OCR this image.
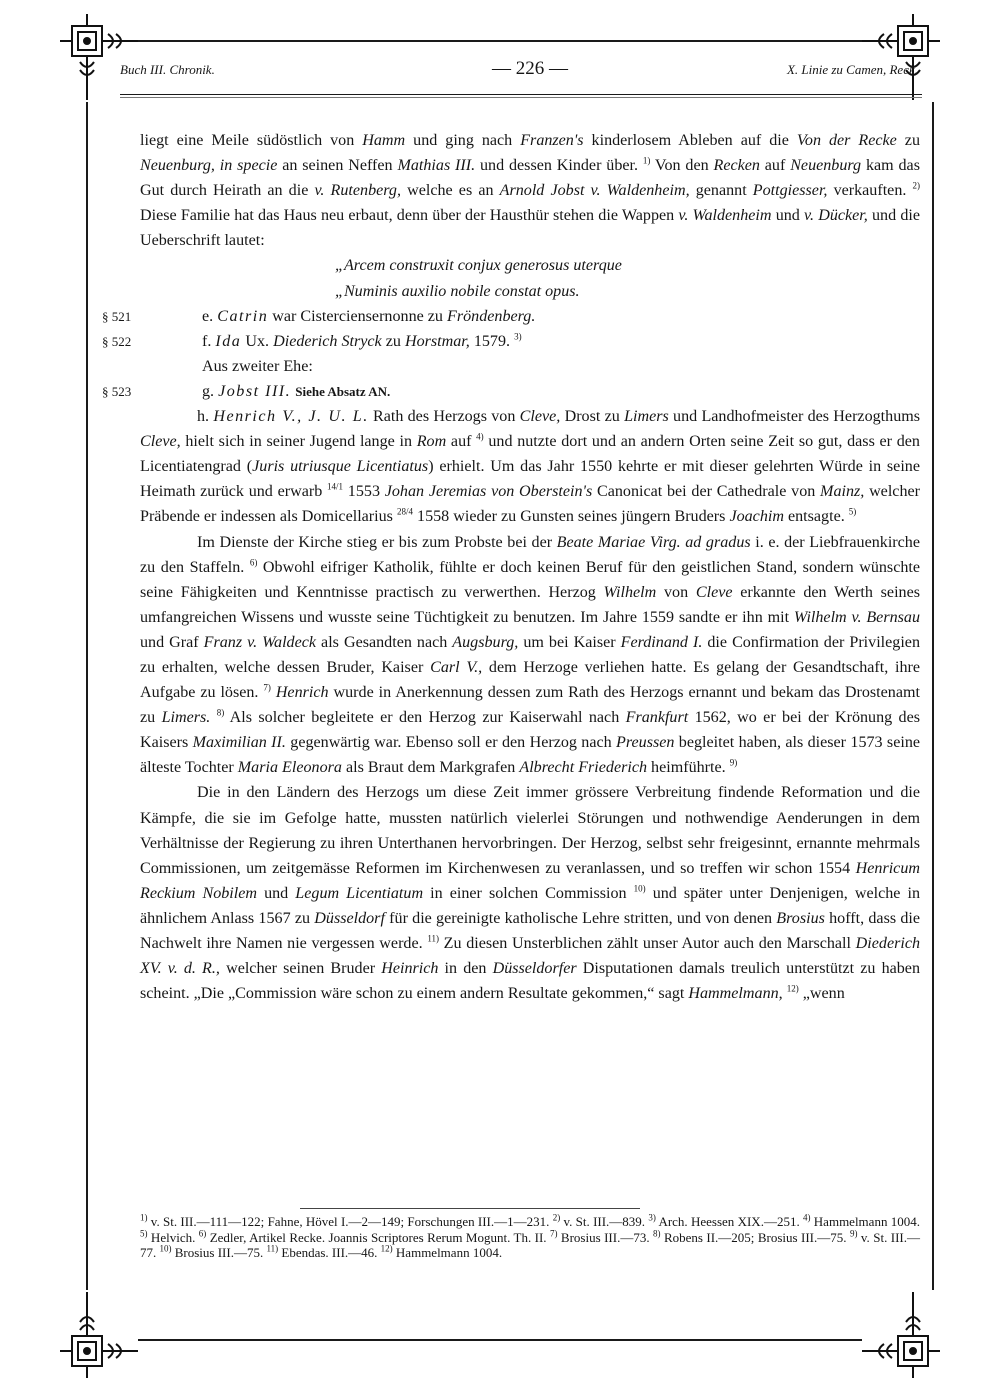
Buch III. Chronik.	— 226 —	X. Linie zu Camen, Reck.

liegt eine Meile südöstlich von Hamm und ging nach Franzen's kinderlosem Ableben auf die Von der Recke zu Neuenburg, in specie an seinen Neffen Mathias III. und dessen Kinder über. $^{1)}$ Von den Recken auf Neuenburg kam das Gut durch Heirath an die v. Rutenberg, welche es an Arnold Jobst v. Waldenheim, genannt Pottgiesser, verkauften. $^{2)}$ Diese Familie hat das Haus neu erbaut, denn über der Hausthür stehen die Wappen v. Waldenheim und v. Dücker, und die Ueberschrift lautet:

„Arcem construxit conjux generosus uterque

„Numinis auxilio nobile constat opus.

§ 521	e. Catrin war Cisterciensernonne zu Fröndenberg.
§ 522	f. Ida Ux. Diederich Stryck zu Horstmar, 1579. $^{3)}$
Aus zweiter Ehe:
§ 523	g. Jobst III. Siehe Absatz AN.

h. Henrich V., J. U. L. Rath des Herzogs von Cleve, Drost zu Limers und Landhofmeister des Herzogthums Cleve, hielt sich in seiner Jugend lange in Rom auf $^{4)}$ und nutzte dort und an andern Orten seine Zeit so gut, dass er den Licentiatengrad (Juris utriusque Licentiatus) erhielt. Um das Jahr 1550 kehrte er mit dieser gelehrten Würde in seine Heimath zurück und erwarb $^{14/1}$ 1553 Johan Jeremias von Oberstein's Canonicat bei der Cathedrale von Mainz, welcher Präbende er indessen als Domicellarius $^{28/4}$ 1558 wieder zu Gunsten seines jüngern Bruders Joachim entsagte. $^{5)}$

Im Dienste der Kirche stieg er bis zum Probste bei der Beate Mariae Virg. ad gradus i. e. der Liebfrauenkirche zu den Staffeln. $^{6)}$ Obwohl eifriger Katholik, fühlte er doch keinen Beruf für den geistlichen Stand, sondern wünschte seine Fähigkeiten und Kenntnisse practisch zu verwerthen. Herzog Wilhelm von Cleve erkannte den Werth seines umfangreichen Wissens und wusste seine Tüchtigkeit zu benutzen. Im Jahre 1559 sandte er ihn mit Wilhelm v. Bernsau und Graf Franz v. Waldeck als Gesandten nach Augsburg, um bei Kaiser Ferdinand I. die Confirmation der Privilegien zu erhalten, welche dessen Bruder, Kaiser Carl V., dem Herzoge verliehen hatte. Es gelang der Gesandtschaft, ihre Aufgabe zu lösen. $^{7)}$ Henrich wurde in Anerkennung dessen zum Rath des Herzogs ernannt und bekam das Drostenamt zu Limers. $^{8)}$ Als solcher begleitete er den Herzog zur Kaiserwahl nach Frankfurt 1562, wo er bei der Krönung des Kaisers Maximilian II. gegenwärtig war. Ebenso soll er den Herzog nach Preussen begleitet haben, als dieser 1573 seine älteste Tochter Maria Eleonora als Braut dem Markgrafen Albrecht Friederich heimführte. $^{9)}$

Die in den Ländern des Herzogs um diese Zeit immer grössere Verbreitung findende Reformation und die Kämpfe, die sie im Gefolge hatte, mussten natürlich vielerlei Störungen und nothwendige Aenderungen in dem Verhältnisse der Regierung zu ihren Unterthanen hervorbringen. Der Herzog, selbst sehr freigesinnt, ernannte mehrmals Commissionen, um zeitgemässe Reformen im Kirchenwesen zu veranlassen, und so treffen wir schon 1554 Henricum Reckium Nobilem und Legum Licentiatum in einer solchen Commission $^{10)}$ und später unter Denjenigen, welche in ähnlichem Anlass 1567 zu Düsseldorf für die gereinigte katholische Lehre stritten, und von denen Brosius hofft, dass die Nachwelt ihre Namen nie vergessen werde. $^{11)}$ Zu diesen Unsterblichen zählt unser Autor auch den Marschall Diederich XV. v. d. R., welcher seinen Bruder Heinrich in den Düsseldorfer Disputationen damals treulich unterstützt zu haben scheint. „Die „Commission wäre schon zu einem andern Resultate gekommen,“ sagt Hammelmann, $^{12)}$ „wenn

$^{1)}$ v. St. III.—111—122; Fahne, Hövel I.—2—149; Forschungen III.—1—231. $^{2)}$ v. St. III.—839. $^{3)}$ Arch. Heessen XIX.—251. $^{4)}$ Hammelmann 1004. $^{5)}$ Helvich. $^{6)}$ Zedler, Artikel Recke. Joannis Scriptores Rerum Mogunt. Th. II. $^{7)}$ Brosius III.—73. $^{8)}$ Robens II.—205; Brosius III.—75. $^{9)}$ v. St. III.—77. $^{10)}$ Brosius III.—75. $^{11)}$ Ebendas. III.—46. $^{12)}$ Hammelmann 1004.
